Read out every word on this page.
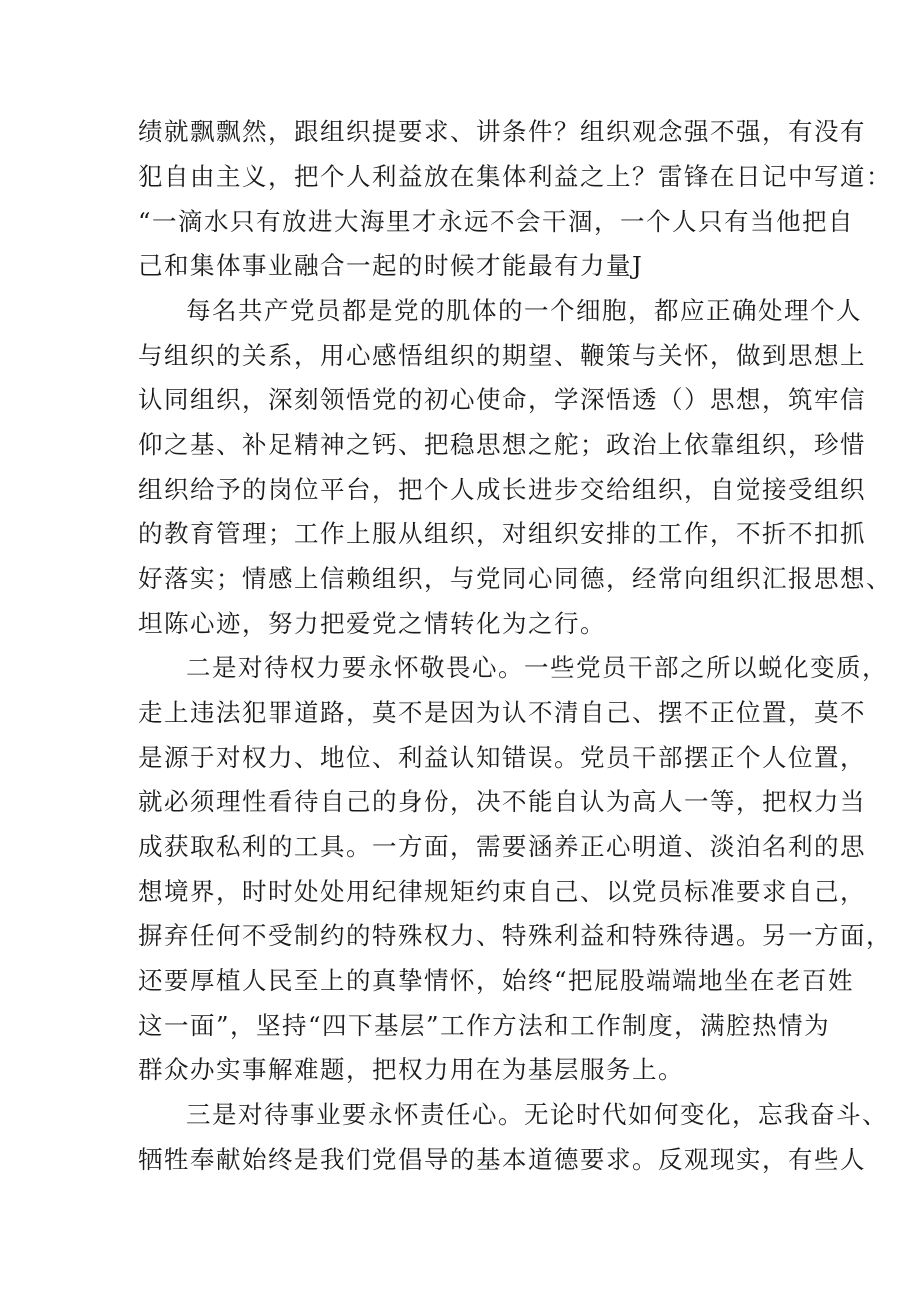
绩就飘飘然，跟组织提要求、讲条件？组织观念强不强，有没有
犯自由主义，把个人利益放在集体利益之上？雷锋在日记中写道：
“一滴水只有放进大海里才永远不会干涸，一个人只有当他把自
己和集体事业融合一起的时候才能最有力量J
每名共产党员都是党的肌体的一个细胞，都应正确处理个人
与组织的关系，用心感悟组织的期望、鞭策与关怀，做到思想上
认同组织，深刻领悟党的初心使命，学深悟透（）思想，筑牢信
仰之基、补足精神之钙、把稳思想之舵；政治上依靠组织，珍惜
组织给予的岗位平台，把个人成长进步交给组织，自觉接受组织
的教育管理；工作上服从组织，对组织安排的工作，不折不扣抓
好落实；情感上信赖组织，与党同心同德，经常向组织汇报思想、
坦陈心迹，努力把爱党之情转化为之行。
二是对待权力要永怀敬畏心。一些党员干部之所以蜕化变质，
走上违法犯罪道路，莫不是因为认不清自己、摆不正位置，莫不
是源于对权力、地位、利益认知错误。党员干部摆正个人位置，
就必须理性看待自己的身份，决不能自认为高人一等，把权力当
成获取私利的工具。一方面，需要涵养正心明道、淡泊名利的思
想境界，时时处处用纪律规矩约束自己、以党员标准要求自己，
摒弃任何不受制约的特殊权力、特殊利益和特殊待遇。另一方面，
还要厚植人民至上的真挚情怀，始终“把屁股端端地坐在老百姓
这一面”，坚持“四下基层”工作方法和工作制度，满腔热情为
群众办实事解难题，把权力用在为基层服务上。
三是对待事业要永怀责任心。无论时代如何变化，忘我奋斗、
牺牲奉献始终是我们党倡导的基本道德要求。反观现实，有些人
